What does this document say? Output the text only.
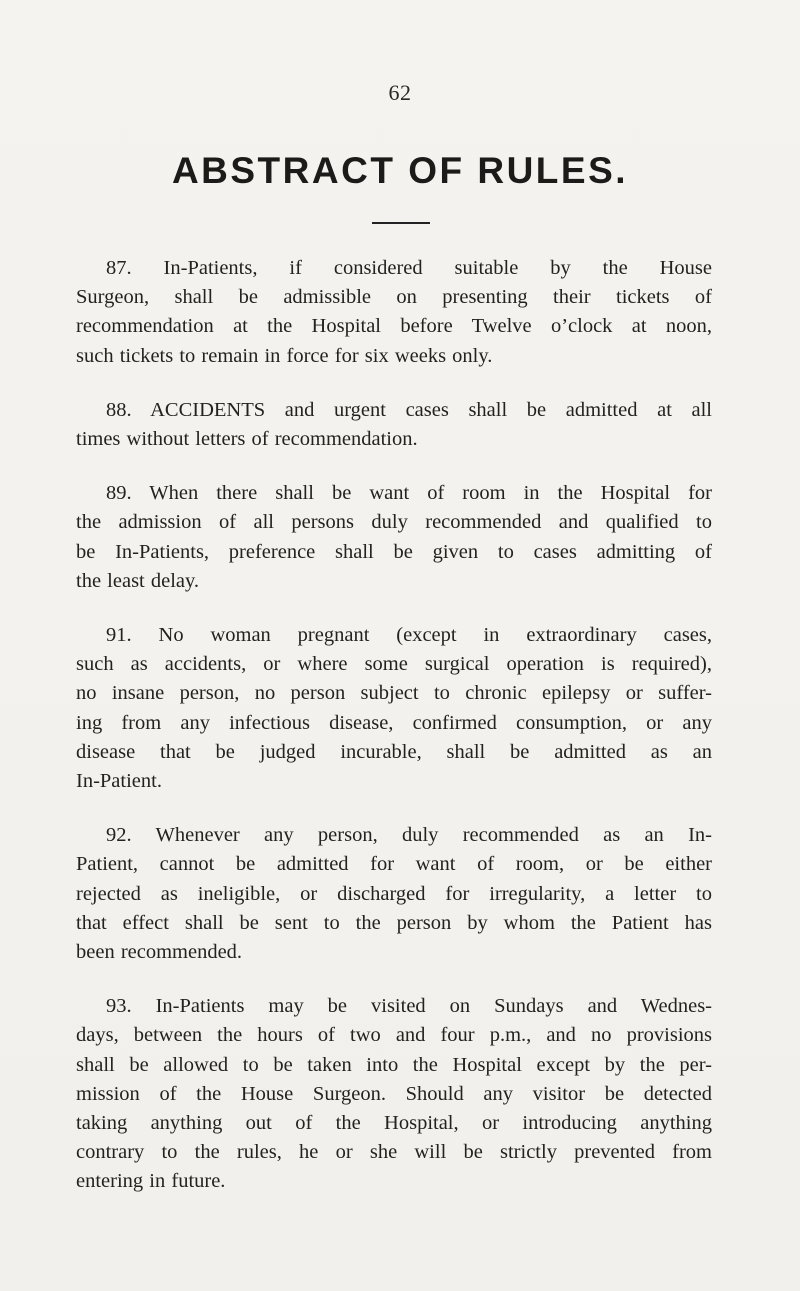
62
ABSTRACT OF RULES.
87. In-Patients, if considered suitable by the House
Surgeon, shall be admissible on presenting their tickets of
recommendation at the Hospital before Twelve o’clock at noon,
such tickets to remain in force for six weeks only.
88. ACCIDENTS and urgent cases shall be admitted at all
times without letters of recommendation.
89. When there shall be want of room in the Hospital for
the admission of all persons duly recommended and qualified to
be In-Patients, preference shall be given to cases admitting of
the least delay.
91. No woman pregnant (except in extraordinary cases,
such as accidents, or where some surgical operation is required),
no insane person, no person subject to chronic epilepsy or suffer-
ing from any infectious disease, confirmed consumption, or any
disease that be judged incurable, shall be admitted as an
In-Patient.
92. Whenever any person, duly recommended as an In-
Patient, cannot be admitted for want of room, or be either
rejected as ineligible, or discharged for irregularity, a letter to
that effect shall be sent to the person by whom the Patient has
been recommended.
93. In-Patients may be visited on Sundays and Wednes-
days, between the hours of two and four p.m., and no provisions
shall be allowed to be taken into the Hospital except by the per-
mission of the House Surgeon. Should any visitor be detected
taking anything out of the Hospital, or introducing anything
contrary to the rules, he or she will be strictly prevented from
entering in future.
